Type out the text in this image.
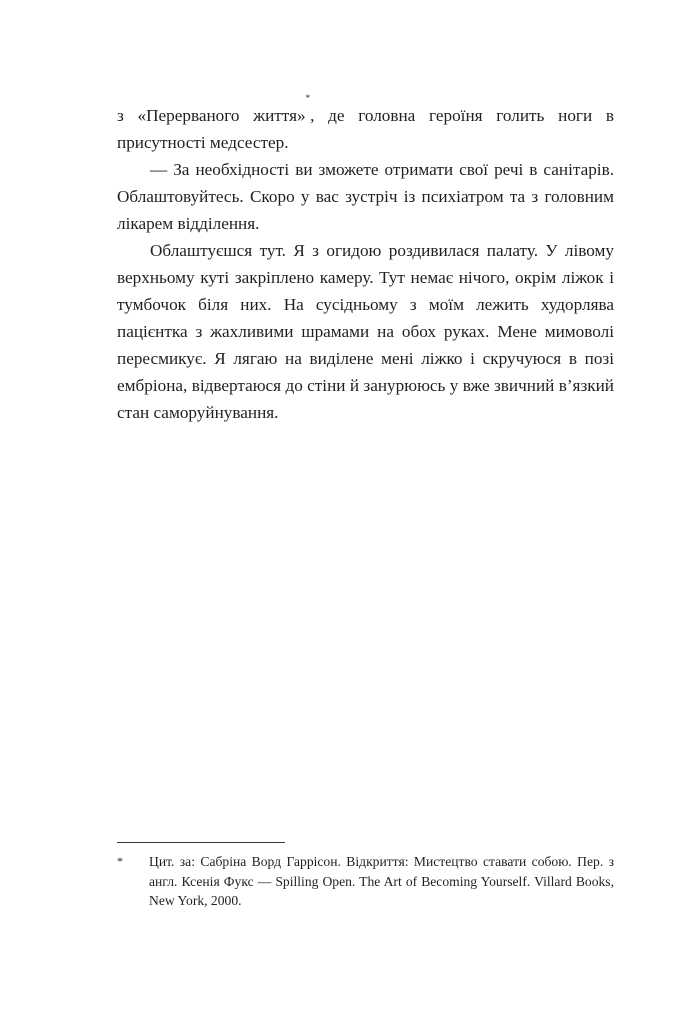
з «Перерваного життя»*, де головна героїня голить ноги в присутності медсестер.

— За необхідності ви зможете отримати свої речі в санітарів. Облаштовуйтесь. Скоро у вас зустріч із психіатром та з головним лікарем відділення.

Облаштуєшся тут. Я з огидою роздивилася палату. У лівому верхньому куті закріплено камеру. Тут немає нічого, окрім ліжок і тумбочок біля них. На сусідньому з моїм лежить худорлява пацієнтка з жахливими шрамами на обох руках. Мене мимоволі пересмикує. Я лягаю на виділене мені ліжко і скручуюся в позі ембріона, відвертаюся до стіни й занурююсь у вже звичний в’язкий стан саморуйнування.

* Цит. за: Сабріна Ворд Гаррісон. Відкриття: Мистецтво ставати собою. Пер. з англ. Ксенія Фукс — Spilling Open. The Art of Becoming Yourself. Villard Books, New York, 2000.
